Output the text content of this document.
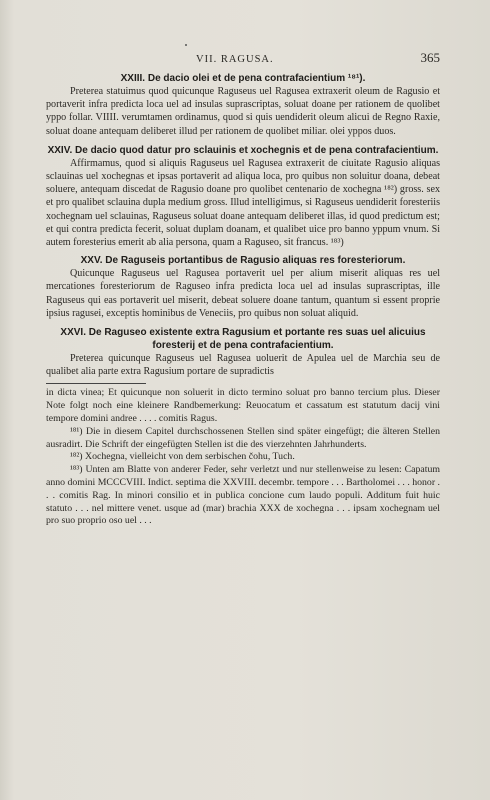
VII. RAGUSA.	365
XXIII. De dacio olei et de pena contrafacientium ¹⁸¹).

Preterea statuimus quod quicunque Raguseus uel Ragusea extraxerit oleum de Ragusio et portaverit infra predicta loca uel ad insulas suprascriptas, soluat doane per rationem de quolibet yppo follar. VIIII. verumtamen ordinamus, quod si quis uendiderit oleum alicui de Regno Raxie, soluat doane antequam deliberet illud per rationem de quolibet miliar. olei yppos duos.

XXIV. De dacio quod datur pro sclauinis et xochegnis et de pena contrafacientium.

Affirmamus, quod si aliquis Raguseus uel Ragusea extraxerit de ciuitate Ragusio aliquas sclauinas uel xochegnas et ipsas portaverit ad aliqua loca, pro quibus non soluitur doana, debeat soluere, antequam discedat de Ragusio doane pro quolibet centenario de xochegna ¹⁸²) gross. sex et pro qualibet sclauina dupla medium gross. Illud intelligimus, si Raguseus uendiderit foresteriis xochegnam uel sclauinas, Raguseus soluat doane antequam deliberet illas, id quod predictum est; et qui contra predicta fecerit, soluat duplam doanam, et qualibet uice pro banno yppum vnum. Si autem foresterius emerit ab alia persona, quam a Raguseo, sit francus. ¹⁸³)

XXV. De Raguseis portantibus de Ragusio aliquas res foresteriorum.

Quicunque Raguseus uel Ragusea portaverit uel per alium miserit aliquas res uel mercationes foresteriorum de Raguseo infra predicta loca uel ad insulas suprascriptas, ille Raguseus qui eas portaverit uel miserit, debeat soluere doane tantum, quantum si essent proprie ipsius ragusei, exceptis hominibus de Veneciis, pro quibus non soluat aliquid.

XXVI. De Raguseo existente extra Ragusium et portante res suas uel alicuius foresterij et de pena contrafacientium.

Preterea quicunque Raguseus uel Ragusea uoluerit de Apulea uel de Marchia seu de qualibet alia parte extra Ragusium portare de supradictis

in dicta vinea; Et quicunque non soluerit in dicto termino soluat pro banno tercium plus. Dieser Note folgt noch eine kleinere Randbemerkung: Reuocatum et cassatum est statutum dacij vini tempore domini andree . . . . comitis Ragus.

¹⁸¹) Die in diesem Capitel durchschossenen Stellen sind später eingefügt; die älteren Stellen ausradirt. Die Schrift der eingefügten Stellen ist die des vierzehnten Jahrhunderts.

¹⁸²) Xochegna, vielleicht von dem serbischen čohu, Tuch.

¹⁸³) Unten am Blatte von anderer Feder, sehr verletzt und nur stellenweise zu lesen: Capatum anno domini MCCCVIII. Indict. septima die XXVIII. decembr. tempore . . . Bartholomei . . . honor . . . comitis Rag. In minori consilio et in publica concione cum laudo populi. Additum fuit huic statuto . . . nel mittere venet. usque ad (mar) brachia XXX de xochegna . . . ipsam xochegnam uel pro suo proprio oso uel . . .
